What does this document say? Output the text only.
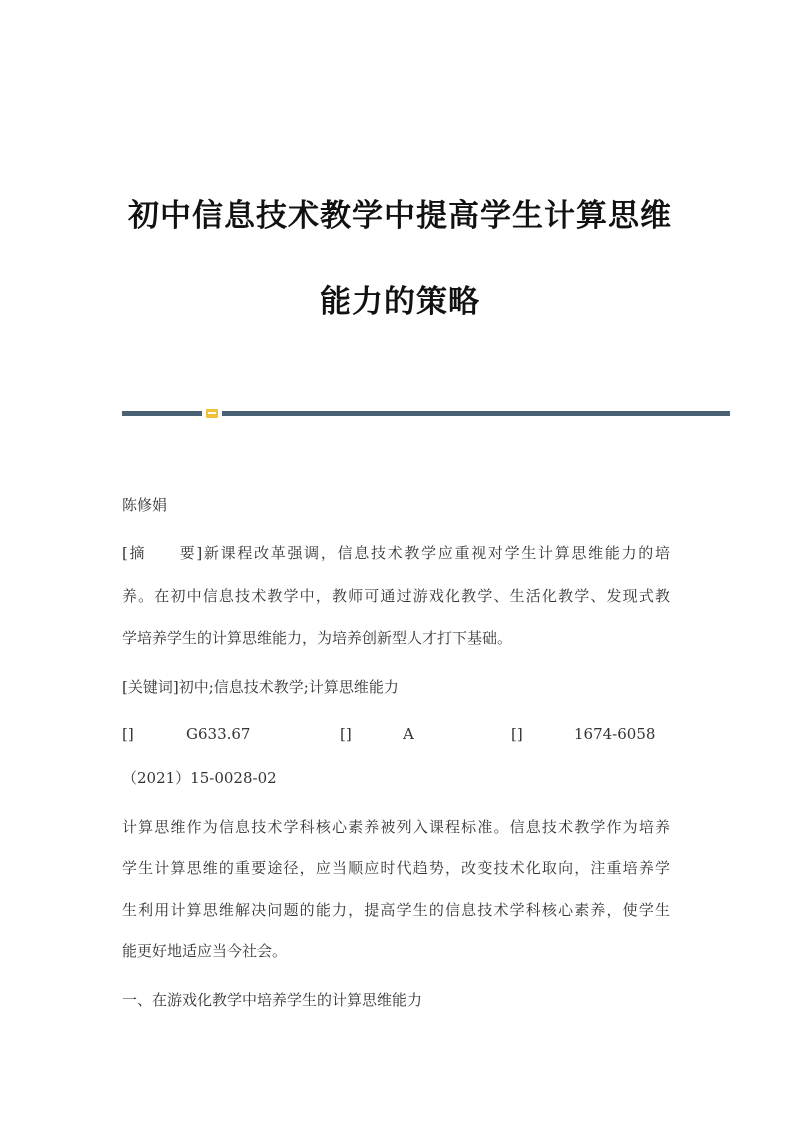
初中信息技术教学中提高学生计算思维
能力的策略
陈修娟
[摘　　要]新课程改革强调，信息技术教学应重视对学生计算思维能力的培
养。在初中信息技术教学中，教师可通过游戏化教学、生活化教学、发现式教
学培养学生的计算思维能力，为培养创新型人才打下基础。
[关键词]初中;信息技术教学;计算思维能力
[]	G633.67	[]	A	[]	1674-6058
（2021）15-0028-02
计算思维作为信息技术学科核心素养被列入课程标准。信息技术教学作为培养
学生计算思维的重要途径，应当顺应时代趋势，改变技术化取向，注重培养学
生利用计算思维解决问题的能力，提高学生的信息技术学科核心素养，使学生
能更好地适应当今社会。
一、在游戏化教学中培养学生的计算思维能力
